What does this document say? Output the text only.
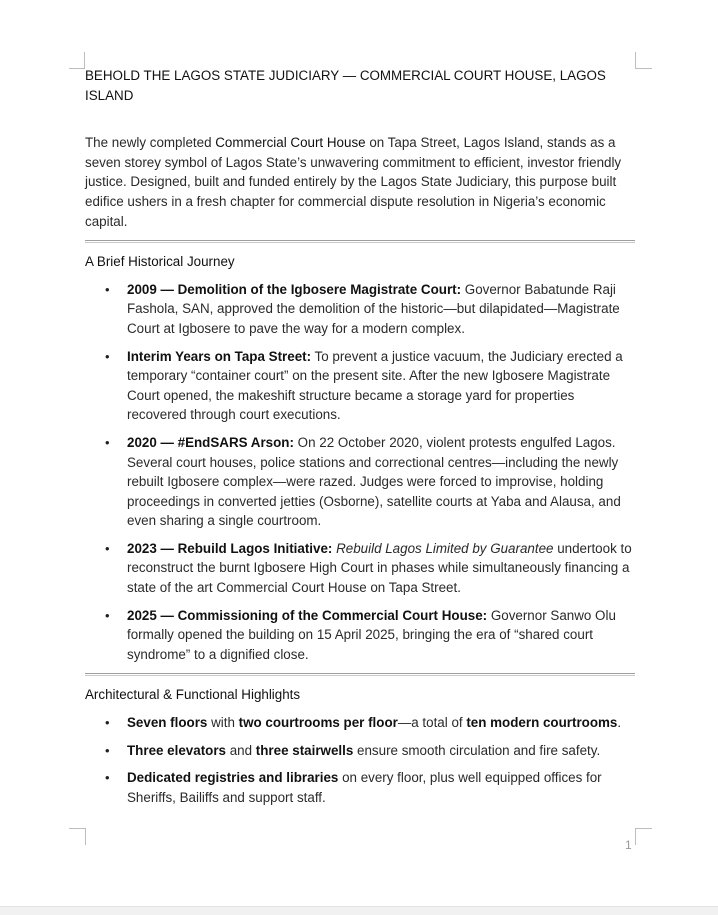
BEHOLD THE LAGOS STATE JUDICIARY — COMMERCIAL COURT HOUSE, LAGOS ISLAND

The newly completed Commercial Court House on Tapa Street, Lagos Island, stands as a seven storey symbol of Lagos State’s unwavering commitment to efficient, investor friendly justice. Designed, built and funded entirely by the Lagos State Judiciary, this purpose built edifice ushers in a fresh chapter for commercial dispute resolution in Nigeria’s economic capital.

A Brief Historical Journey

• 2009 — Demolition of the Igbosere Magistrate Court: Governor Babatunde Raji Fashola, SAN, approved the demolition of the historic—but dilapidated—Magistrate Court at Igbosere to pave the way for a modern complex.
• Interim Years on Tapa Street: To prevent a justice vacuum, the Judiciary erected a temporary “container court” on the present site. After the new Igbosere Magistrate Court opened, the makeshift structure became a storage yard for properties recovered through court executions.
• 2020 — #EndSARS Arson: On 22 October 2020, violent protests engulfed Lagos. Several court houses, police stations and correctional centres—including the newly rebuilt Igbosere complex—were razed. Judges were forced to improvise, holding proceedings in converted jetties (Osborne), satellite courts at Yaba and Alausa, and even sharing a single courtroom.
• 2023 — Rebuild Lagos Initiative: Rebuild Lagos Limited by Guarantee undertook to reconstruct the burnt Igbosere High Court in phases while simultaneously financing a state of the art Commercial Court House on Tapa Street.
• 2025 — Commissioning of the Commercial Court House: Governor Sanwo Olu formally opened the building on 15 April 2025, bringing the era of “shared court syndrome” to a dignified close.

Architectural & Functional Highlights

• Seven floors with two courtrooms per floor—a total of ten modern courtrooms.
• Three elevators and three stairwells ensure smooth circulation and fire safety.
• Dedicated registries and libraries on every floor, plus well equipped offices for Sheriffs, Bailiffs and support staff.
1
